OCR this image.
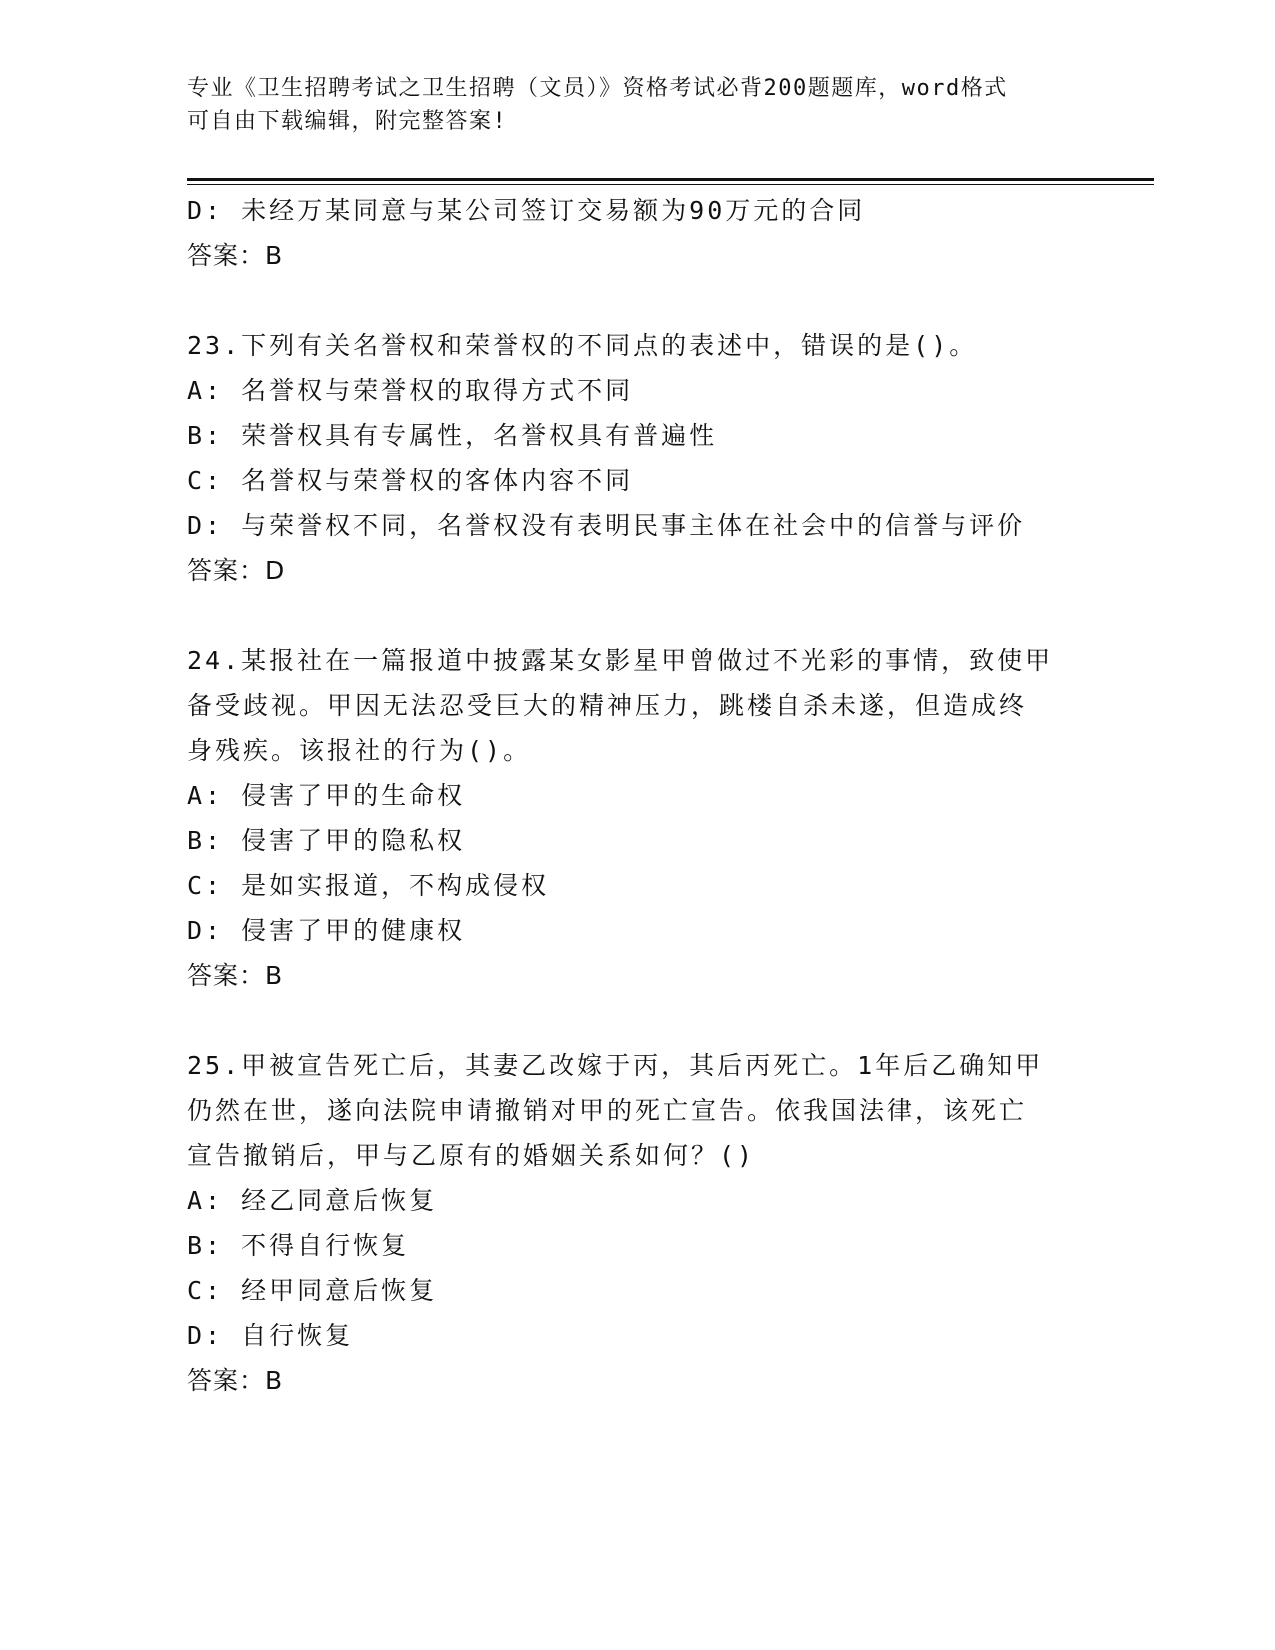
专业《卫生招聘考试之卫生招聘（文员）》资格考试必背200题题库，word格式
可自由下载编辑，附完整答案!
D: 未经万某同意与某公司签订交易额为90万元的合同
答案：B
23.下列有关名誉权和荣誉权的不同点的表述中，错误的是()。
A: 名誉权与荣誉权的取得方式不同
B: 荣誉权具有专属性，名誉权具有普遍性
C: 名誉权与荣誉权的客体内容不同
D: 与荣誉权不同，名誉权没有表明民事主体在社会中的信誉与评价
答案：D
24.某报社在一篇报道中披露某女影星甲曾做过不光彩的事情，致使甲
备受歧视。甲因无法忍受巨大的精神压力，跳楼自杀未遂，但造成终
身残疾。该报社的行为()。
A: 侵害了甲的生命权
B: 侵害了甲的隐私权
C: 是如实报道，不构成侵权
D: 侵害了甲的健康权
答案：B
25.甲被宣告死亡后，其妻乙改嫁于丙，其后丙死亡。1年后乙确知甲
仍然在世，遂向法院申请撤销对甲的死亡宣告。依我国法律，该死亡
宣告撤销后，甲与乙原有的婚姻关系如何？()
A: 经乙同意后恢复
B: 不得自行恢复
C: 经甲同意后恢复
D: 自行恢复
答案：B
